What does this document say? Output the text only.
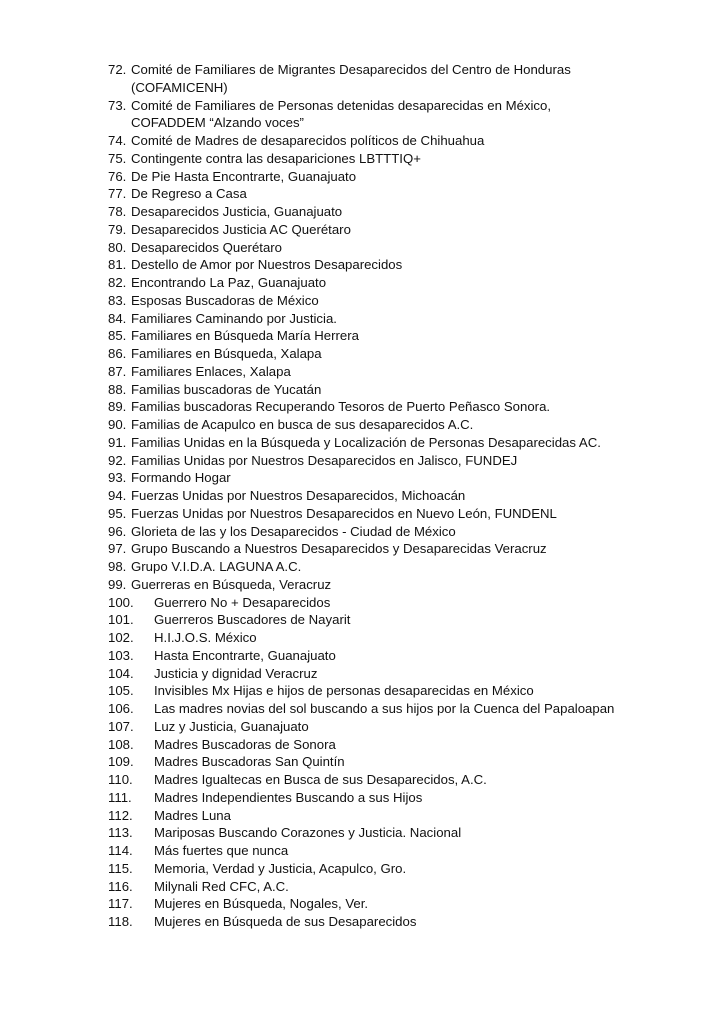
72. Comité de Familiares de Migrantes Desaparecidos del Centro de Honduras
(COFAMICENH)
73. Comité de Familiares de Personas detenidas desaparecidas en México,
COFADDEM “Alzando voces”
74. Comité de Madres de desaparecidos políticos de Chihuahua
75. Contingente contra las desapariciones LBTTTIQ+
76. De Pie Hasta Encontrarte, Guanajuato
77. De Regreso a Casa
78. Desaparecidos Justicia, Guanajuato
79. Desaparecidos Justicia AC Querétaro
80. Desaparecidos Querétaro
81. Destello de Amor por Nuestros Desaparecidos
82. Encontrando La Paz, Guanajuato
83. Esposas Buscadoras de México
84. Familiares Caminando por Justicia.
85. Familiares en Búsqueda María Herrera
86. Familiares en Búsqueda, Xalapa
87. Familiares Enlaces, Xalapa
88. Familias buscadoras de Yucatán
89. Familias buscadoras Recuperando Tesoros de Puerto Peñasco Sonora.
90. Familias de Acapulco en busca de sus desaparecidos A.C.
91. Familias Unidas en la Búsqueda y Localización de Personas Desaparecidas AC.
92. Familias Unidas por Nuestros Desaparecidos en Jalisco, FUNDEJ
93. Formando Hogar
94. Fuerzas Unidas por Nuestros Desaparecidos, Michoacán
95. Fuerzas Unidas por Nuestros Desaparecidos en Nuevo León, FUNDENL
96. Glorieta de las y los Desaparecidos - Ciudad de México
97. Grupo Buscando a Nuestros Desaparecidos y Desaparecidas Veracruz
98. Grupo V.I.D.A. LAGUNA A.C.
99. Guerreras en Búsqueda, Veracruz
100. Guerrero No + Desaparecidos
101. Guerreros Buscadores de Nayarit
102. H.I.J.O.S. México
103. Hasta Encontrarte, Guanajuato
104. Justicia y dignidad Veracruz
105. Invisibles Mx Hijas e hijos de personas desaparecidas en México
106. Las madres novias del sol buscando a sus hijos por la Cuenca del Papaloapan
107. Luz y Justicia, Guanajuato
108. Madres Buscadoras de Sonora
109. Madres Buscadoras San Quintín
110. Madres Igualtecas en Busca de sus Desaparecidos, A.C.
111. Madres Independientes Buscando a sus Hijos
112. Madres Luna
113. Mariposas Buscando Corazones y Justicia. Nacional
114. Más fuertes que nunca
115. Memoria, Verdad y Justicia, Acapulco, Gro.
116. Milynali Red CFC, A.C.
117. Mujeres en Búsqueda, Nogales, Ver.
118. Mujeres en Búsqueda de sus Desaparecidos
